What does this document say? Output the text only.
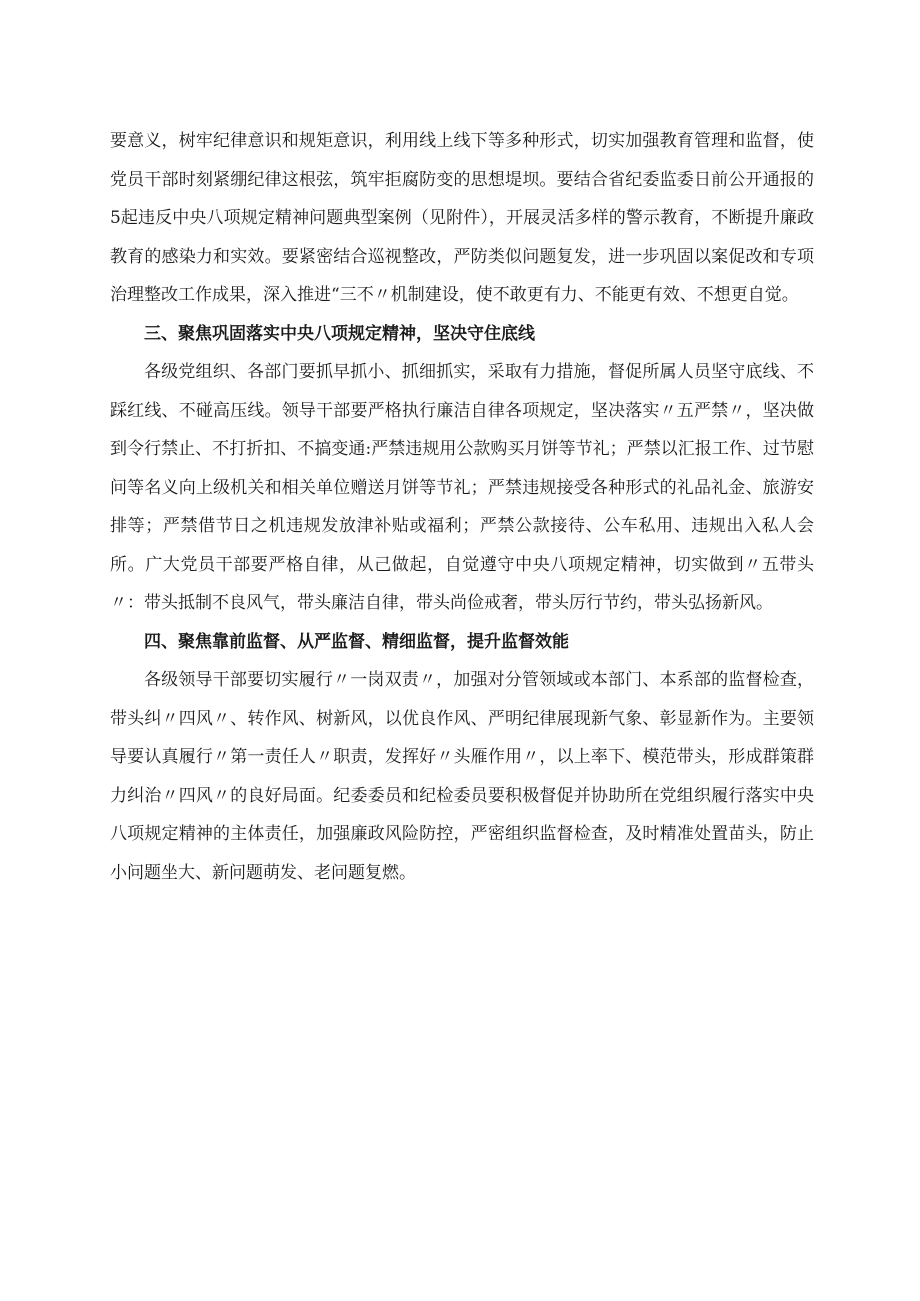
要意义，树牢纪律意识和规矩意识，利用线上线下等多种形式，切实加强教育管理和监督，使党员干部时刻紧绷纪律这根弦，筑牢拒腐防变的思想堤坝。要结合省纪委监委日前公开通报的5起违反中央八项规定精神问题典型案例（见附件），开展灵活多样的警示教育，不断提升廉政教育的感染力和实效。要紧密结合巡视整改，严防类似问题复发，进一步巩固以案促改和专项治理整改工作成果，深入推进“三不〃机制建设，使不敢更有力、不能更有效、不想更自觉。

三、聚焦巩固落实中央八项规定精神，坚决守住底线

各级党组织、各部门要抓早抓小、抓细抓实，采取有力措施，督促所属人员坚守底线、不踩红线、不碰高压线。领导干部要严格执行廉洁自律各项规定，坚决落实〃五严禁〃，坚决做到令行禁止、不打折扣、不搞变通:严禁违规用公款购买月饼等节礼；严禁以汇报工作、过节慰问等名义向上级机关和相关单位赠送月饼等节礼；严禁违规接受各种形式的礼品礼金、旅游安排等；严禁借节日之机违规发放津补贴或福利；严禁公款接待、公车私用、违规出入私人会所。广大党员干部要严格自律，从己做起，自觉遵守中央八项规定精神，切实做到〃五带头〃：带头抵制不良风气，带头廉洁自律，带头尚俭戒奢，带头厉行节约，带头弘扬新风。

四、聚焦靠前监督、从严监督、精细监督，提升监督效能

各级领导干部要切实履行〃一岗双责〃，加强对分管领域或本部门、本系部的监督检查，带头纠〃四风〃、转作风、树新风，以优良作风、严明纪律展现新气象、彰显新作为。主要领导要认真履行〃第一责任人〃职责，发挥好〃头雁作用〃，以上率下、模范带头，形成群策群力纠治〃四风〃的良好局面。纪委委员和纪检委员要积极督促并协助所在党组织履行落实中央八项规定精神的主体责任，加强廉政风险防控，严密组织监督检查，及时精准处置苗头，防止小问题坐大、新问题萌发、老问题复燃。
